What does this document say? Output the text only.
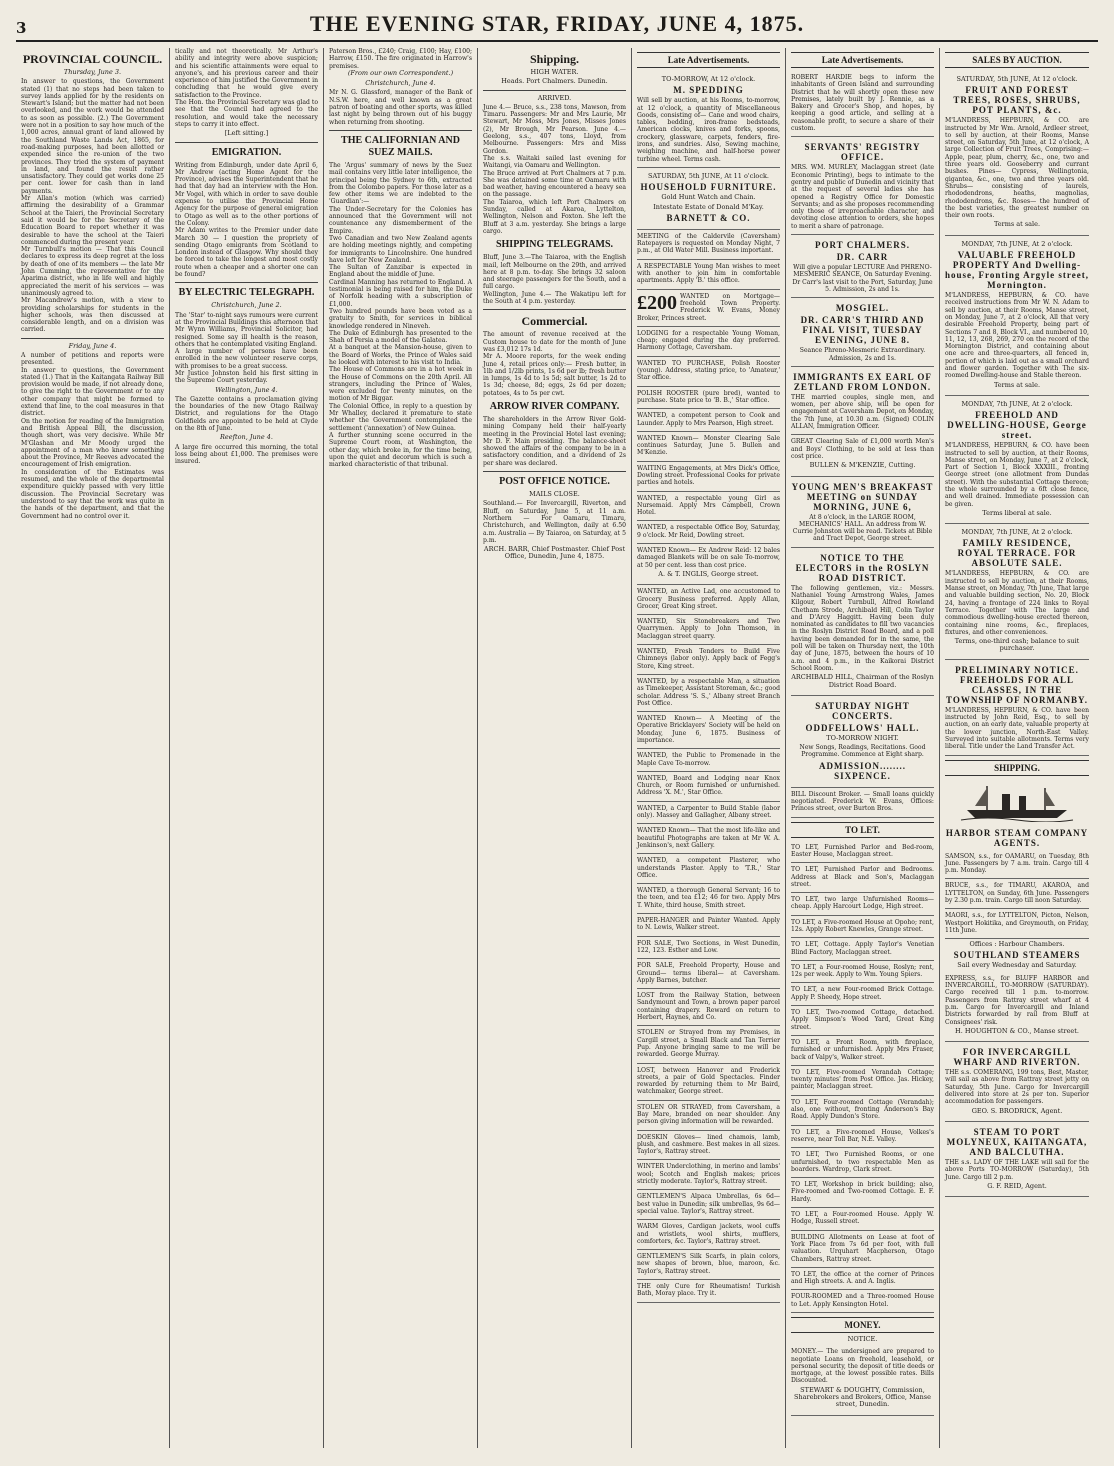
3	THE EVENING STAR, FRIDAY, JUNE 4, 1875.
PROVINCIAL COUNCIL.
Thursday, June 3.

In answer to questions, the Government stated (1) that no steps had been taken to survey lands applied for by the residents on Stewart's Island; but the matter had not been overlooked, and the work would be attended to as soon as possible. (2.) The Government were not in a position to say how much of the 1,000 acres, annual grant of land allowed by the Southland Waste Lands Act, 1865, for road-making purposes, had been allotted or expended since the re-union of the two provinces. They tried the system of payment in land, and found the result rather unsatisfactory. They could get works done 25 per cent. lower for cash than in land payments.

Mr Allan's motion (which was carried) affirming the desirability of a Grammar School at the Taieri, the Provincial Secretary said it would be for the Secretary of the Education Board to report whether it was desirable to have the school at the Taieri commenced during the present year.

Mr Turnbull's motion — That this Council declares to express its deep regret at the loss by death of one of its members — the late Mr John Cumming, the representative for the Aparima district, who in life well and highly appreciated the merit of his services — was unanimously agreed to.

Mr Macandrew's motion, with a view to providing scholarships for students in the higher schools, was then discussed at considerable length, and on a division was carried.

Friday, June 4.

A number of petitions and reports were presented.

In answer to questions, the Government stated (1.) That in the Kaitangata Railway Bill provision would be made, if not already done, to give the right to the Government or to any other company that might be formed to extend that line, to the coal measures in that district.

On the motion for reading of the Immigration and British Appeal Bill, the discussion, though short, was very decisive. While Mr M'Glashan and Mr Moody urged the appointment of a man who knew something about the Province, Mr Reeves advocated the encouragement of Irish emigration.

In consideration of the Estimates was resumed, and the whole of the departmental expenditure quickly passed with very little discussion. The Provincial Secretary was understood to say that the work was quite in the hands of the department, and that the Government had no control over it.

tically and not theoretically. Mr Arthur's ability and integrity were above suspicion; and his scientific attainments were equal to anyone's, and his previous career and their experience of him justified the Government in concluding that he would give every satisfaction to the Province.

The Hon. the Provincial Secretary was glad to see that the Council had agreed to the resolution, and would take the necessary steps to carry it into effect.

[Left sitting.]
EMIGRATION.

Writing from Edinburgh, under date April 6, Mr Andrew (acting Home Agent for the Province), advises the Superintendent that he had that day had an interview with the Hon. Mr Vogel, with which in order to save double expense to utilise the Provincial Home Agency for the purpose of general emigration to Otago as well as to the other portions of the Colony.

Mr Adam writes to the Premier under date March 30 — I question the propriety of sending Otago emigrants from Scotland to London instead of Glasgow. Why should they be forced to take the longest and most costly route when a cheaper and a shorter one can be found?

BY ELECTRIC TELEGRAPH.
Christchurch, June 2.

The 'Star' to-night says rumours were current at the Provincial Buildings this afternoon that Mr Wynn Williams, Provincial Solicitor, had resigned. Some say ill health is the reason, others that he contemplated visiting England.

A large number of persons have been enrolled in the new volunteer reserve corps, with promises to be a great success.

Mr Justice Johnston held his first sitting in the Supreme Court yesterday.

Wellington, June 4.

The Gazette contains a proclamation giving the boundaries of the new Otago Railway District, and regulations for the Otago Goldfields are appointed to be held at Clyde on the 8th of June.

Reefton, June 4.

A large fire occurred this morning, the total loss being about £1,000. The premises were insured.

Paterson Bros., £240; Craig, £100; Hay, £100; Harrow, £150. The fire originated in Harrow's premises.

(From our own Correspondent.)
Christchurch, June 4.

Mr N. G. Glassford, manager of the Bank of N.S.W. here, and well known as a great patron of boating and other sports, was killed last night by being thrown out of his buggy when returning from shooting.

THE CALIFORNIAN AND SUEZ MAILS.

The 'Argus' summary of news by the Suez mail contains very little later intelligence, the principal being the Sydney to 6th, extracted from the Colombo papers. For those later as a few other items we are indebted to the 'Guardian':—

The Under-Secretary for the Colonies has announced that the Government will not countenance any dismemberment of the Empire.

Two Canadian and two New Zealand agents are holding meetings nightly, and competing for immigrants to Lincolnshire. One hundred have left for New Zealand.

The Sultan of Zanzibar is expected in England about the middle of June.

Cardinal Manning has returned to England. A testimonial is being raised for him, the Duke of Norfolk heading with a subscription of £1,000.

Two hundred pounds have been voted as a gratuity to Smith, for services in biblical knowledge rendered in Nineveh.

The Duke of Edinburgh has presented to the Shah of Persia a model of the Galatea.

At a banquet at the Mansion-house, given to the Board of Works, the Prince of Wales said he looked with interest to his visit to India.

The House of Commons are in a hot week in the House of Commons on the 20th April. All strangers, including the Prince of Wales, were excluded for twenty minutes, on the motion of Mr Biggar.

The Colonial Office, in reply to a question by Mr Whalley, declared it premature to state whether the Government contemplated the settlement ('annexation') of New Guinea.

A further stunning scene occurred in the Supreme Court room, at Washington, the other day, which broke in, for the time being, upon the quiet and decorum which is such a marked characteristic of that tribunal.

Shipping.
HIGH WATER.
Heads. Port Chalmers. Dunedin.
ARRIVED.

June 4.— Bruce, s.s., 238 tons, Mawson, from Timaru. Passengers: Mr and Mrs Laurie, Mr Stewart, Mr Moss, Mrs Jones, Misses Jones (2), Mr Brough, Mr Pearson. June 4.— Geelong, s.s., 407 tons, Lloyd, from Melbourne. Passengers: Mrs and Miss Gordon.

The s.s. Waitaki sailed last evening for Waitangi, via Oamaru and Wellington.

The Bruce arrived at Port Chalmers at 7 p.m. She was detained some time at Oamaru with bad weather, having encountered a heavy sea on the passage.

The Taiaroa, which left Port Chalmers on Sunday, called at Akaroa, Lyttelton, Wellington, Nelson and Foxton. She left the Bluff at 3 a.m. yesterday. She brings a large cargo.

SHIPPING TELEGRAMS.

Bluff, June 3.—The Taiaroa, with the English mail, left Melbourne on the 29th, and arrived here at 8 p.m. to-day. She brings 32 saloon and steerage passengers for the South, and a full cargo.

Wellington, June 4.— The Wakatipu left for the South at 4 p.m. yesterday.

Commercial.

The amount of revenue received at the Custom house to date for the month of June was £3,012 17s 1d.

Mr A. Moore reports, for the week ending June 4, retail prices only:— Fresh butter, in 1lb and 1/2lb prints, 1s 6d per lb; fresh butter in lumps, 1s 4d to 1s 5d; salt butter, 1s 2d to 1s 3d; cheese, 8d; eggs, 2s 6d per dozen; potatoes, 4s to 5s per cwt.

ARROW RIVER COMPANY.

The shareholders in the Arrow River Gold-mining Company held their half-yearly meeting in the Provincial Hotel last evening; Mr D. F. Main presiding. The balance-sheet showed the affairs of the company to be in a satisfactory condition, and a dividend of 2s per share was declared.

POST OFFICE NOTICE.
MAILS CLOSE.

Southland.— For Invercargill, Riverton, and Bluff, on Saturday, June 5, at 11 a.m. Northern — For Oamaru, Timaru, Christchurch, and Wellington, daily at 6.50 a.m. Australia — By Taiaroa, on Saturday, at 5 p.m.

ARCH. BARR, Chief Postmaster. Chief Post Office, Dunedin, June 4, 1875.
Late Advertisements.
TO-MORROW, At 12 o'clock.
M. SPEDDING

Will sell by auction, at his Rooms, to-morrow, at 12 o'clock, a quantity of Miscellaneous Goods, consisting of— Cane and wood chairs, tables, bedding, iron-frame bedsteads, American clocks, knives and forks, spoons, crockery, glassware, carpets, fenders, fire-irons, and sundries. Also, Sewing machine, weighing machine, and half-horse power turbine wheel. Terms cash.

SATURDAY, 5th JUNE, At 11 o'clock.
HOUSEHOLD FURNITURE.
Gold Hunt Watch and Chain.
Intestate Estate of Donald M'Kay.
BARNETT & CO.

MEETING of the Caldervile (Caversham) Ratepayers is requested on Monday Night, 7 p.m., at Old Water Mill. Business important.

A RESPECTABLE Young Man wishes to meet with another to join him in comfortable apartments. Apply 'B.' this office.

£200 WANTED on Mortgage— freehold Town Property. Frederick W. Evans, Money Broker, Princes street.

LODGING for a respectable Young Woman, cheap; engaged during the day preferred. Harmony Cottage, Caversham.

WANTED TO PURCHASE, Polish Rooster (young). Address, stating price, to 'Amateur,' Star office.

POLISH ROOSTER (pure bred), wanted to purchase. State price to 'B. B.,' Star office.

WANTED, a competent person to Cook and Launder. Apply to Mrs Pearson, High street.

WANTED Known— Monster Clearing Sale continues Saturday, June 5. Bullen and M'Kenzie.

WAITING Engagements, at Mrs Dick's Office, Dowling street. Professional Cooks for private parties and hotels.

WANTED, a respectable young Girl as Nursemaid. Apply Mrs Campbell, Crown Hotel.

WANTED, a respectable Office Boy, Saturday, 9 o'clock. Mr Reid, Dowling street.

WANTED Known— Ex Andrew Reid: 12 bales damaged Blankets will be on sale To-morrow, at 50 per cent. less than cost price.

A. & T. INGLIS, George street.

WANTED, an Active Lad, one accustomed to Grocery Business preferred. Apply Allan, Grocer, Great King street.

WANTED, Six Stonebreakers and Two Quarrymen. Apply to John Thomson, in Maclaggan street quarry.

WANTED, Fresh Tenders to Build Five Chimneys (labor only). Apply back of Fegg's Store, King street.

WANTED, by a respectable Man, a situation as Timekeeper, Assistant Storeman, &c.; good scholar. Address 'S. S.,' Albany street Branch Post Office.

WANTED Known— A Meeting of the Operative Bricklayers' Society will be held on Monday, June 6, 1875. Business of importance.

WANTED, the Public to Promenade in the Maple Cave To-morrow.

WANTED, Board and Lodging near Knox Church, or Room furnished or unfurnished. Address 'X. M.', Star Office.

WANTED, a Carpenter to Build Stable (labor only). Massey and Gallagher, Albany street.

WANTED Known— That the most life-like and beautiful Photographs are taken at Mr W. A. Jenkinson's, next Gallery.

WANTED, a competent Plasterer, who understands Plaster. Apply to 'T.R.,' Star Office.

WANTED, a thorough General Servant; 16 to the teen, and tea £12; 46 for two. Apply Mrs T. White, third house, Smith street.

PAPER-HANGER and Painter Wanted. Apply to N. Lewis, Walker street.

FOR SALE, Two Sections, in West Dunedin, 122, 123. Esther and Low.

FOR SALE, Freehold Property, House and Ground— terms liberal— at Caversham. Apply Barnes, butcher.

LOST from the Railway Station, between Sandymount and Town, a brown paper parcel containing drapery. Reward on return to Herbert, Haynes, and Co.

STOLEN or Strayed from my Premises, in Cargill street, a Small Black and Tan Terrier Pup. Anyone bringing same to me will be rewarded. George Murray.

LOST, between Hanover and Frederick streets, a pair of Gold Spectacles. Finder rewarded by returning them to Mr Baird, watchmaker, George street.

STOLEN OR STRAYED, from Caversham, a Bay Mare, branded on near shoulder. Any person giving information will be rewarded.

DOESKIN Gloves— lined chamois, lamb, plush, and cashmere. Best makes in all sizes. Taylor's, Rattray street.

WINTER Underclothing, in merino and lambs' wool; Scotch and English makes; prices strictly moderate. Taylor's, Rattray street.

GENTLEMEN'S Alpaca Umbrellas, 6s 6d— best value in Dunedin; silk umbrellas, 9s 6d— special value. Taylor's, Rattray street.

WARM Gloves, Cardigan jackets, wool cuffs and wristlets, wool shirts, mufflers, comforters, &c. Taylor's, Rattray street.

GENTLEMEN'S Silk Scarfs, in plain colors, new shapes of brown, blue, maroon, &c. Taylor's, Rattray street.

THE only Cure for Rheumatism! Turkish Bath, Moray place. Try it.

Late Advertisements.

ROBERT HARDIE begs to inform the inhabitants of Green Island and surrounding District that he will shortly open these new Premises, lately built by J. Rennie, as a Bakery and Grocer's Shop, and hopes, by keeping a good article, and selling at a reasonable profit, to secure a share of their custom.

SERVANTS' REGISTRY OFFICE.

MRS. WM. MURLEY, Maclaggan street (late Economic Printing), begs to intimate to the gentry and public of Dunedin and vicinity that at the request of several ladies she has opened a Registry Office for Domestic Servants; and as she proposes recommending only those of irreproachable character, and devoting close attention to orders, she hopes to merit a share of patronage.

PORT CHALMERS.
DR. CARR

Will give a popular LECTURE And PHRENO-MESMERIC SEANCE, On Saturday Evening. Dr Carr's last visit to the Port, Saturday, June 5. Admission, 2s and 1s.

MOSGIEL.
DR. CARR'S THIRD AND FINAL VISIT, TUESDAY EVENING, JUNE 8.

Seance Phreno-Mesmeric Extraordinary. Admission, 2s and 1s.

IMMIGRANTS EX EARL OF ZETLAND FROM LONDON.

THE married couples, single men, and women, per above ship, will be open for engagement at Caversham Depot, on Monday, the 7th June, at 10.30 a.m. (Signed) COLIN ALLAN, Immigration Officer.

GREAT Clearing Sale of £1,000 worth Men's and Boys' Clothing, to be sold at less than cost price.

BULLEN & M'KENZIE, Cutting.
YOUNG MEN'S BREAKFAST MEETING on SUNDAY MORNING, JUNE 6,

At 8 o'clock, in the LARGE ROOM, MECHANICS' HALL. An address from W. Currie Johnston will be read. Tickets at Bible and Tract Depot, George street.

NOTICE TO THE ELECTORS in the ROSLYN ROAD DISTRICT.

The following gentlemen, viz.: Messrs. Nathaniel Young Armstrong Wales, James Kilgour, Robert Turnbull, Alfred Rowland Chetham Strode, Archibald Hill, Colin Taylor and D'Arcy Haggitt. Having been duly nominated as candidates to fill two vacancies in the Roslyn District Road Board, and a poll having been demanded for in the same, the poll will be taken on Thursday next, the 10th day of June, 1875, between the hours of 10 a.m. and 4 p.m., in the Kaikorai District School Room.

ARCHIBALD HILL, Chairman of the Roslyn District Road Board.
SATURDAY NIGHT CONCERTS.
ODDFELLOWS' HALL.
TO-MORROW NIGHT.

New Songs, Readings, Recitations. Good Programme. Commence at Eight sharp.

ADMISSION........ SIXPENCE.

BILL Discount Broker. — Small loans quickly negotiated. Frederick W. Evans, Offices: Princes street, over Burton Bros.

TO LET.

TO LET, Furnished Parlor and Bed-room, Easter House, Maclaggan street.

TO LET, Furnished Parlor and Bedrooms. Address at Black and Son's, Maclaggan street.

TO LET, two large Unfurnished Rooms— cheap. Apply Harcourt Lodge, High street.

TO LET, a Five-roomed House at Opoho; rent, 12s. Apply Robert Knewles, Grange street.

TO LET, Cottage. Apply Taylor's Venetian Blind Factory, Maclaggan street.

TO LET, a Four-roomed House, Roslyn; rent, 12s per week. Apply to Wm. Young Spiers.

TO LET, a new Four-roomed Brick Cottage. Apply P. Sheedy, Hope street.

TO LET, Two-roomed Cottage, detached. Apply Simpson's Wood Yard, Great King street.

TO LET, a Front Room, with fireplace, furnished or unfurnished. Apply Mrs Fraser, back of Valpy's, Walker street.

TO LET, Five-roomed Verandah Cottage; twenty minutes' from Post Office. Jas. Hickey, painter, Maclaggan street.

TO LET, Four-roomed Cottage (Verandah); also, one without, fronting Anderson's Bay Road. Apply Dundon's Store.

TO LET, a Five-roomed House, Volkes's reserve, near Toll Bar, N.E. Valley.

TO LET, Two Furnished Rooms, or one unfurnished, to two respectable Men as boarders. Wardrop, Clark street.

TO LET, Workshop in brick building; also, Five-roomed and Two-roomed Cottage. E. F. Hardy.

TO LET, a Four-roomed House. Apply W. Hodge, Russell street.

BUILDING Allotments on Lease at foot of York Place from 7s 6d per foot, with full valuation. Urquhart Macpherson, Otago Chambers, Rattray street.

TO LET, the office at the corner of Princes and High streets. A. and A. Inglis.

FOUR-ROOMED and a Three-roomed House to Let. Apply Kensington Hotel.

MONEY.
NOTICE.

MONEY.— The undersigned are prepared to negotiate Loans on freehold, leasehold, or personal security, the deposit of title deeds or mortgage, at the lowest possible rates. Bills Discounted.

STEWART & DOUGHTY, Commission, Sharebrokers and Brokers, Office, Manse street, Dunedin.
SALES BY AUCTION.
SATURDAY, 5th JUNE, At 12 o'clock.
FRUIT AND FOREST TREES, ROSES, SHRUBS, POT PLANTS, &c.

M'LANDRESS, HEPBURN, & CO. are instructed by Mr Wm. Arnold, Ardleer street, to sell by auction, at their Rooms, Manse street, on Saturday, 5th June, at 12 o'clock, A large Collection of Fruit Trees, Comprising:— Apple, pear, plum, cherry, &c., one, two and three years old. Gooseberry and currant bushes. Pines— Cypress, Wellingtonia, gigantea, &c., one, two and three years old. Shrubs— consisting of laurels, rhododendrons, heaths, magnolias, rhododendrons, &c. Roses— the hundred of the best varieties, the greatest number on their own roots.

Terms at sale.
MONDAY, 7th JUNE, At 2 o'clock.
VALUABLE FREEHOLD PROPERTY And Dwelling-house, Fronting Argyle street, Mornington.

M'LANDRESS, HEPBURN, & CO. have received instructions from Mr W. N. Adam to sell by auction, at their Rooms, Manse street, on Monday, June 7, at 2 o'clock, All that very desirable Freehold Property, being part of Sections 7 and 8, Block VI., and numbered 10, 11, 12, 13, 268, 269, 270 on the record of the Mornington District, and containing about one acre and three-quarters, all fenced in, portion of which is laid out as a small orchard and flower garden. Together with The six-roomed Dwelling-house and Stable thereon.

Terms at sale.
MONDAY, 7th JUNE, At 2 o'clock.
FREEHOLD AND DWELLING-HOUSE, George street.

M'LANDRESS, HEPBURN, & CO. have been instructed to sell by auction, at their Rooms, Manse street, on Monday, June 7, at 2 o'clock, Part of Section 1, Block XXXIII., fronting George street (one allotment from Dundas street). With the substantial Cottage thereon; the whole surrounded by a 6ft close fence, and well drained. Immediate possession can be given.

Terms liberal at sale.
MONDAY, 7th JUNE, At 2 o'clock.
FAMILY RESIDENCE, ROYAL TERRACE. FOR ABSOLUTE SALE.

M'LANDRESS, HEPBURN, & CO. are instructed to sell by auction, at their Rooms, Manse street, on Monday, 7th June, That large and valuable building section, No. 20, Block 24, having a frontage of 224 links to Royal Terrace. Together with The large and commodious dwelling-house erected thereon, containing nine rooms, &c., fireplaces, fixtures, and other conveniences.

Terms, one-third cash; balance to suit purchaser.
PRELIMINARY NOTICE. FREEHOLDS FOR ALL CLASSES, IN THE TOWNSHIP OF NORMANBY.

M'LANDRESS, HEPBURN, & CO. have been instructed by John Reid, Esq., to sell by auction, on an early date, valuable property at the lower junction, North-East Valley. Surveyed into suitable allotments. Terms very liberal. Title under the Land Transfer Act.

SHIPPING.
HARBOR STEAM COMPANY AGENTS.

SAMSON, s.s., for OAMARU, on Tuesday, 8th June. Passengers by 7 a.m. train. Cargo till 4 p.m. Monday.

BRUCE, s.s., for TIMARU, AKAROA, and LYTTELTON, on Sunday, 6th June. Passengers by 2.30 p.m. train. Cargo till noon Saturday.

MAORI, s.s., for LYTTELTON, Picton, Nelson, Westport Hokitika, and Greymouth, on Friday, 11th June.

Offices : Harbour Chambers.
SOUTHLAND STEAMERS
Sail every Wednesday and Saturday.

EXPRESS, s.s., for BLUFF HARBOR and INVERCARGILL, TO-MORROW (SATURDAY). Cargo received till 1 p.m. to-morrow. Passengers from Rattray street wharf at 4 p.m. Cargo for Invercargill and Inland Districts forwarded by rail from Bluff at Consignees' risk.

H. HOUGHTON & CO., Manse street.
FOR INVERCARGILL WHARF AND RIVERTON.

THE s.s. COMERANG, 199 tons, Best, Master, will sail as above from Rattray street jetty on Saturday, 5th June. Cargo for Invercargill delivered into store at 2s per ton. Superior accommodation for passengers.

GEO. S. BRODRICK, Agent.
STEAM TO PORT MOLYNEUX, KAITANGATA, AND BALCLUTHA.

THE s.s. LADY OF THE LAKE will sail for the above Ports TO-MORROW (Saturday), 5th June. Cargo till 2 p.m.

G. F. REID, Agent.
